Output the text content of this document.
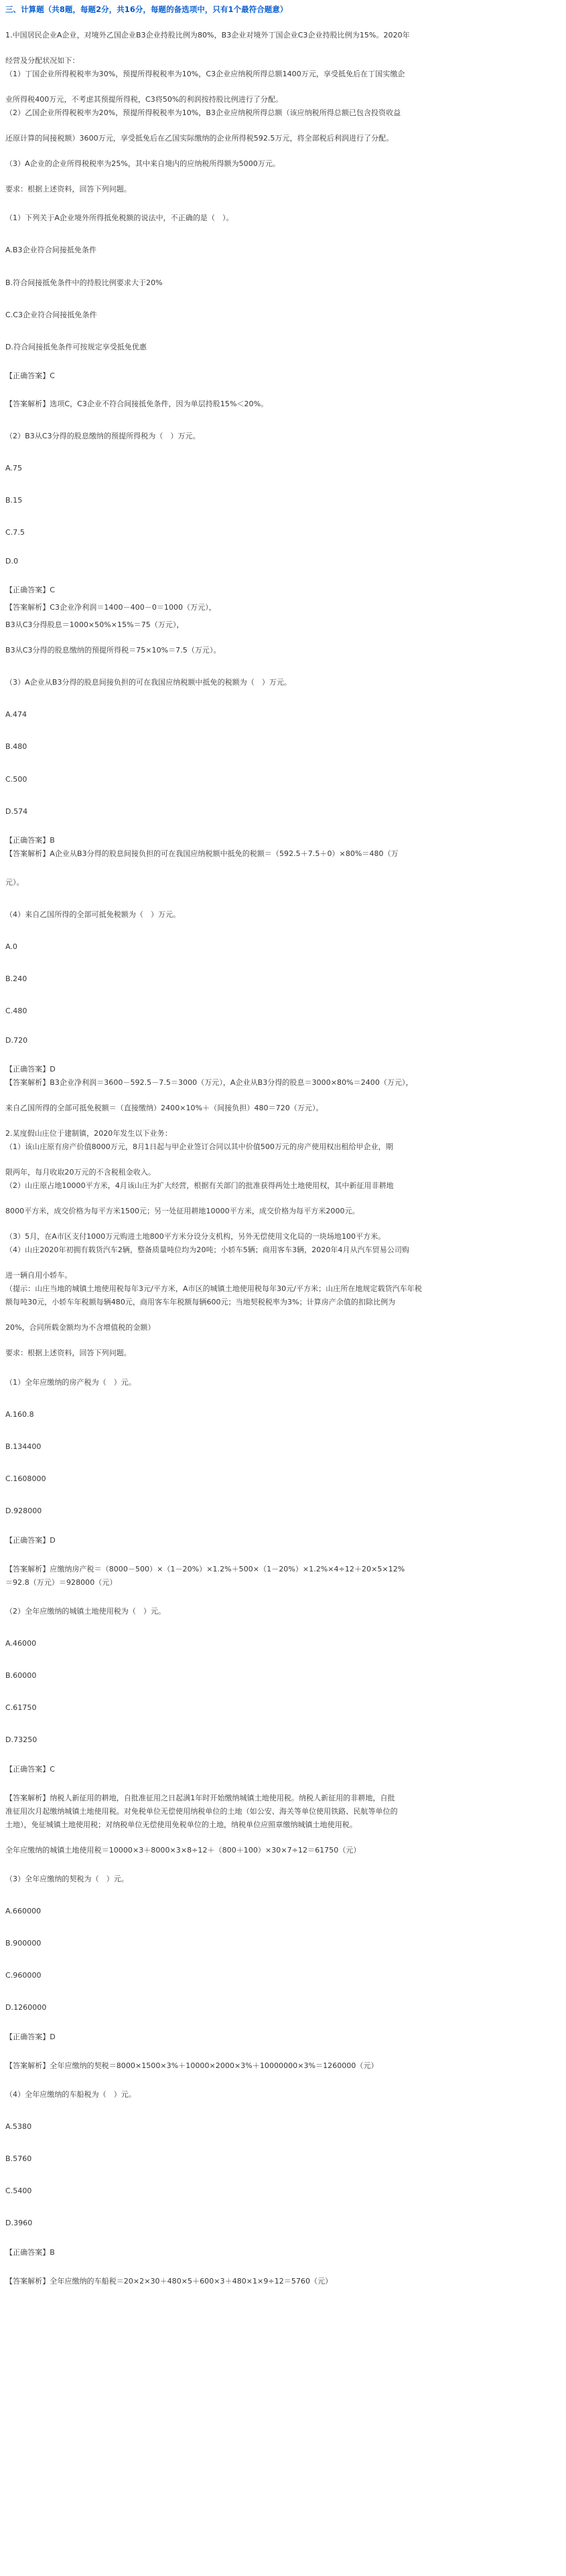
三、计算题（共8题，每题2分，共16分，每题的备选项中，只有1个最符合题意）
1.中国居民企业A企业，对境外乙国企业B3企业持股比例为80%，B3企业对境外丁国企业C3企业持股比例为15%。2020年
经营及分配状况如下：
（1）丁国企业所得税税率为30%，预提所得税税率为10%，C3企业应纳税所得总额1400万元，享受抵免后在丁国实缴企
业所得税400万元，不考虑其预提所得税，C3将50%的利润按持股比例进行了分配。
（2）乙国企业所得税税率为20%，预提所得税税率为10%，B3企业应纳税所得总额（该应纳税所得总额已包含投资收益
还原计算的间接税额）3600万元，享受抵免后在乙国实际缴纳的企业所得税592.5万元，将全部税后利润进行了分配。
（3）A企业的企业所得税税率为25%，其中来自境内的应纳税所得额为5000万元。
要求：根据上述资料，回答下列问题。
（1）下列关于A企业境外所得抵免税额的说法中，不正确的是（　）。
A.B3企业符合间接抵免条件
B.符合间接抵免条件中的持股比例要求大于20%
C.C3企业符合间接抵免条件
D.符合间接抵免条件可按规定享受抵免优惠
【正确答案】C
【答案解析】选项C，C3企业不符合间接抵免条件，因为单层持股15%＜20%。
（2）B3从C3分得的股息缴纳的预提所得税为（　）万元。
A.75
B.15
C.7.5
D.0
【正确答案】C
【答案解析】C3企业净利润＝1400－400－0＝1000（万元），
B3从C3分得股息＝1000×50%×15%＝75（万元），
B3从C3分得的股息缴纳的预提所得税＝75×10%＝7.5（万元）。
（3）A企业从B3分得的股息间接负担的可在我国应纳税额中抵免的税额为（　）万元。
A.474
B.480
C.500
D.574
【正确答案】B
【答案解析】A企业从B3分得的股息间接负担的可在我国应纳税额中抵免的税额＝（592.5＋7.5＋0）×80%＝480（万
元）。
（4）来自乙国所得的全部可抵免税额为（　）万元。
A.0
B.240
C.480
D.720
【正确答案】D
【答案解析】B3企业净利润＝3600－592.5－7.5＝3000（万元），A企业从B3分得的股息＝3000×80%＝2400（万元），
来自乙国所得的全部可抵免税额＝（直接缴纳）2400×10%＋（间接负担）480＝720（万元）。
2.某度假山庄位于建制镇，2020年发生以下业务：
（1）该山庄原有房产价值8000万元，8月1日起与甲企业签订合同以其中价值500万元的房产使用权出租给甲企业，期
限两年，每月收取20万元的不含税租金收入。
（2）山庄原占地10000平方米，4月该山庄为扩大经营，根据有关部门的批准获得两处土地使用权，其中新征用非耕地
8000平方米，成交价格为每平方米1500元；另一处征用耕地10000平方米，成交价格为每平方米2000元。
（3）5月，在A市区支付1000万元购进土地800平方米分设分支机构，另外无偿使用文化局的一块场地100平方米。
（4）山庄2020年初拥有载货汽车2辆，整备质量吨位均为20吨；小轿车5辆；商用客车3辆，2020年4月从汽车贸易公司购
进一辆自用小轿车。
（提示：山庄当地的城镇土地使用税每年3元/平方米，A市区的城镇土地使用税每年30元/平方米；山庄所在地规定载货汽车年税
额每吨30元，小轿车年税额每辆480元，商用客车年税额每辆600元；当地契税税率为3%；计算房产余值的扣除比例为
20%，合同所载金额均为不含增值税的金额）
要求：根据上述资料，回答下列问题。
（1）全年应缴纳的房产税为（　）元。
A.160.8
B.134400
C.1608000
D.928000
【正确答案】D
【答案解析】应缴纳房产税＝（8000－500）×（1－20%）×1.2%＋500×（1－20%）×1.2%×4÷12＋20×5×12%
＝92.8（万元）＝928000（元）
（2）全年应缴纳的城镇土地使用税为（　）元。
A.46000
B.60000
C.61750
D.73250
【正确答案】C
【答案解析】纳税人新征用的耕地，自批准征用之日起满1年时开始缴纳城镇土地使用税。纳税人新征用的非耕地，自批
准征用次月起缴纳城镇土地使用税。对免税单位无偿使用纳税单位的土地（如公安、海关等单位使用铁路、民航等单位的
土地），免征城镇土地使用税；对纳税单位无偿使用免税单位的土地，纳税单位应照章缴纳城镇土地使用税。
全年应缴纳的城镇土地使用税＝10000×3＋8000×3×8÷12＋（800＋100）×30×7÷12＝61750（元）
（3）全年应缴纳的契税为（　）元。
A.660000
B.900000
C.960000
D.1260000
【正确答案】D
【答案解析】全年应缴纳的契税＝8000×1500×3%＋10000×2000×3%＋10000000×3%＝1260000（元）
（4）全年应缴纳的车船税为（　）元。
A.5380
B.5760
C.5400
D.3960
【正确答案】B
【答案解析】全年应缴纳的车船税＝20×2×30＋480×5＋600×3＋480×1×9÷12＝5760（元）
